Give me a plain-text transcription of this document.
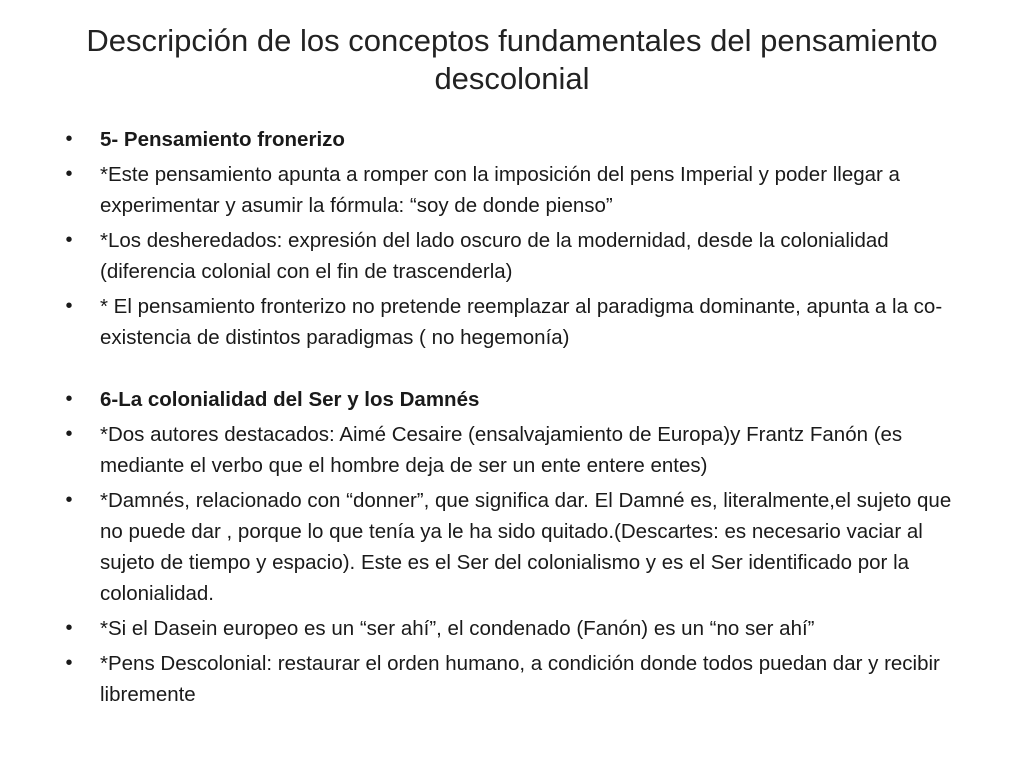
Descripción de los conceptos fundamentales del pensamiento descolonial
• 5- Pensamiento fronerizo
• *Este pensamiento apunta a romper con la imposición del pens Imperial y poder llegar a experimentar y asumir la fórmula: “soy de donde pienso”
• *Los desheredados: expresión del lado oscuro de la modernidad, desde la colonialidad (diferencia colonial con el fin de trascenderla)
• * El pensamiento fronterizo no pretende reemplazar al paradigma dominante, apunta a la co-existencia de distintos paradigmas ( no hegemonía)
• 6-La colonialidad del Ser y los Damnés
• *Dos autores destacados: Aimé Cesaire (ensalvajamiento de Europa)y Frantz Fanón (es mediante el verbo que el hombre deja de ser un ente entere entes)
• *Damnés, relacionado con “donner”, que significa dar. El Damné es, literalmente,el sujeto que no puede dar , porque lo que tenía ya le ha sido quitado.(Descartes: es necesario vaciar al sujeto de tiempo y espacio). Este es el Ser del colonialismo y es el Ser identificado por la colonialidad.
• *Si el Dasein europeo es un “ser ahí”, el condenado (Fanón) es un “no ser ahí”
• *Pens Descolonial: restaurar el orden humano, a condición donde todos puedan dar y recibir libremente
